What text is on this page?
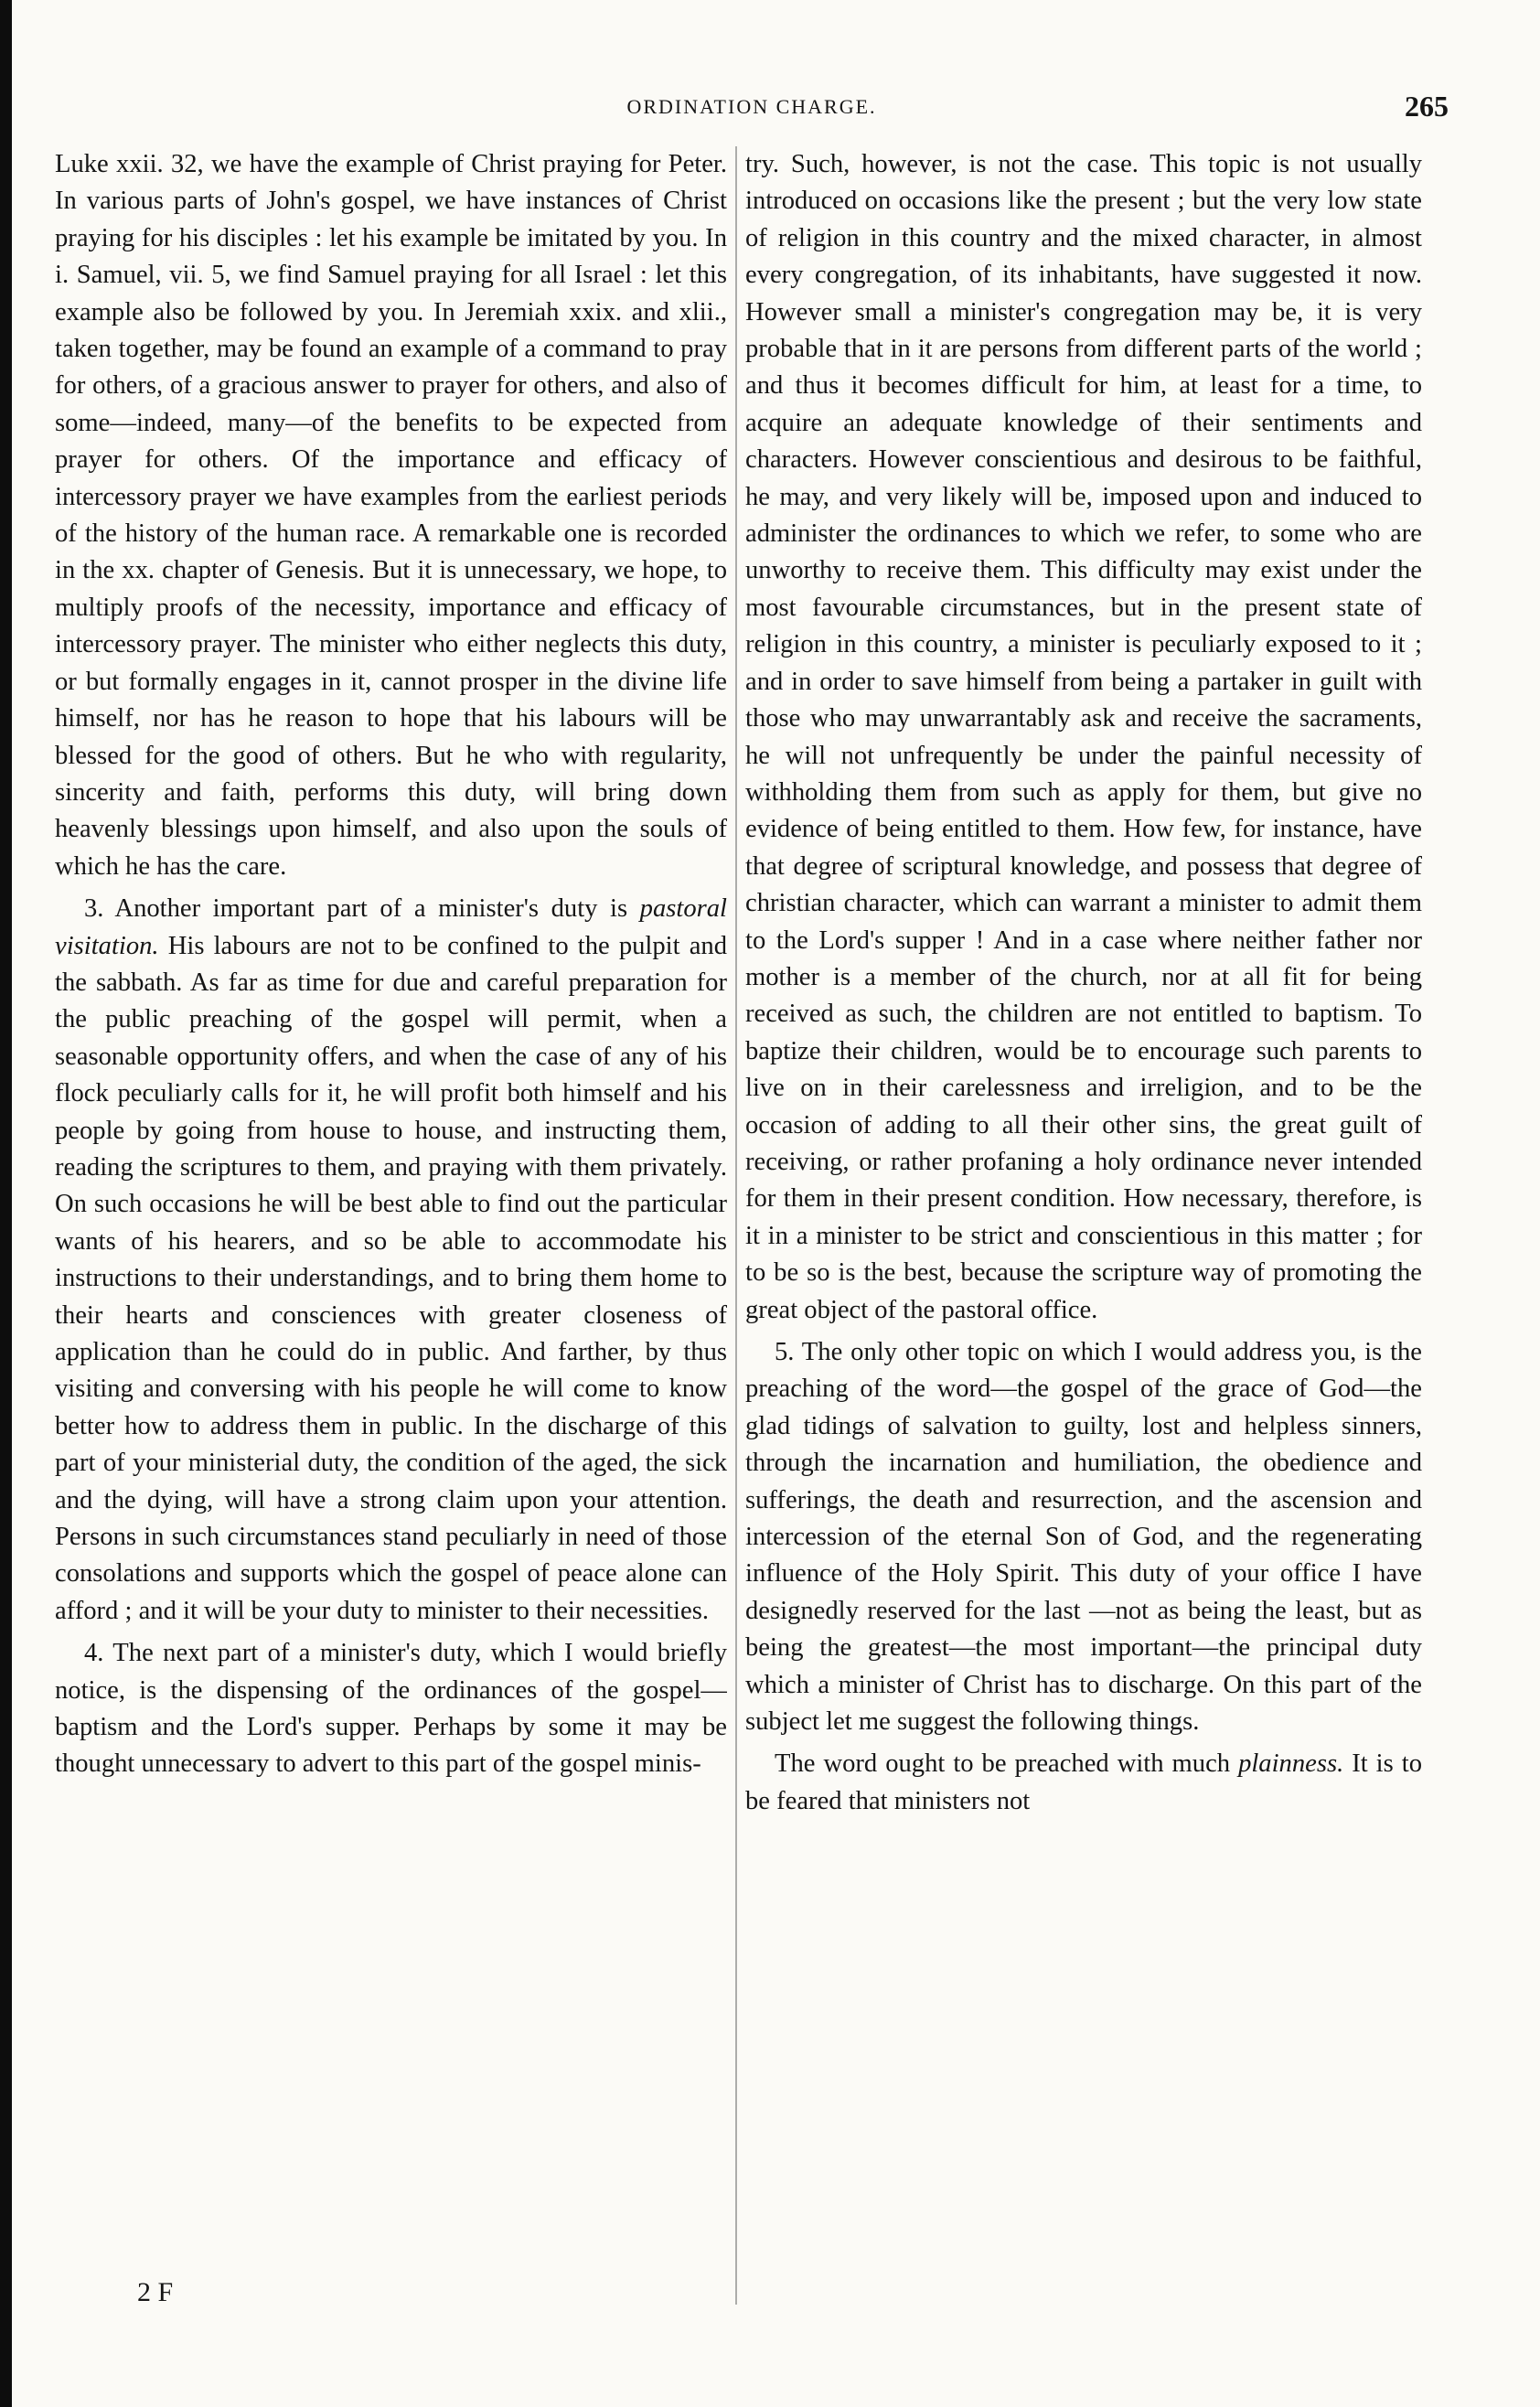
ORDINATION CHARGE.	265

Luke xxii. 32, we have the example of Christ praying for Peter. In various parts of John's gospel, we have instances of Christ praying for his disciples : let his example be imitated by you. In i. Samuel, vii. 5, we find Samuel praying for all Israel : let this example also be followed by you. In Jeremiah xxix. and xlii., taken together, may be found an example of a command to pray for others, of a gracious answer to prayer for others, and also of some—indeed, many—of the benefits to be expected from prayer for others. Of the importance and efficacy of intercessory prayer we have examples from the earliest periods of the history of the human race. A remarkable one is recorded in the xx. chapter of Genesis. But it is unnecessary, we hope, to multiply proofs of the necessity, importance and efficacy of intercessory prayer. The minister who either neglects this duty, or but formally engages in it, cannot prosper in the divine life himself, nor has he reason to hope that his labours will be blessed for the good of others. But he who with regularity, sincerity and faith, performs this duty, will bring down heavenly blessings upon himself, and also upon the souls of which he has the care.

3. Another important part of a minister's duty is pastoral visitation. His labours are not to be confined to the pulpit and the sabbath. As far as time for due and careful preparation for the public preaching of the gospel will permit, when a seasonable opportunity offers, and when the case of any of his flock peculiarly calls for it, he will profit both himself and his people by going from house to house, and instructing them, reading the scriptures to them, and praying with them privately. On such occasions he will be best able to find out the particular wants of his hearers, and so be able to accommodate his instructions to their understandings, and to bring them home to their hearts and consciences with greater closeness of application than he could do in public. And farther, by thus visiting and conversing with his people he will come to know better how to address them in public. In the discharge of this part of your ministerial duty, the condition of the aged, the sick and the dying, will have a strong claim upon your attention. Persons in such circumstances stand peculiarly in need of those consolations and supports which the gospel of peace alone can afford ; and it will be your duty to minister to their necessities.

4. The next part of a minister's duty, which I would briefly notice, is the dispensing of the ordinances of the gospel—baptism and the Lord's supper. Perhaps by some it may be thought unnecessary to advert to this part of the gospel minis-

try. Such, however, is not the case. This topic is not usually introduced on occasions like the present ; but the very low state of religion in this country and the mixed character, in almost every congregation, of its inhabitants, have suggested it now. However small a minister's congregation may be, it is very probable that in it are persons from different parts of the world ; and thus it becomes difficult for him, at least for a time, to acquire an adequate knowledge of their sentiments and characters. However conscientious and desirous to be faithful, he may, and very likely will be, imposed upon and induced to administer the ordinances to which we refer, to some who are unworthy to receive them. This difficulty may exist under the most favourable circumstances, but in the present state of religion in this country, a minister is peculiarly exposed to it ; and in order to save himself from being a partaker in guilt with those who may unwarrantably ask and receive the sacraments, he will not unfrequently be under the painful necessity of withholding them from such as apply for them, but give no evidence of being entitled to them. How few, for instance, have that degree of scriptural knowledge, and possess that degree of christian character, which can warrant a minister to admit them to the Lord's supper ! And in a case where neither father nor mother is a member of the church, nor at all fit for being received as such, the children are not entitled to baptism. To baptize their children, would be to encourage such parents to live on in their carelessness and irreligion, and to be the occasion of adding to all their other sins, the great guilt of receiving, or rather profaning a holy ordinance never intended for them in their present condition. How necessary, therefore, is it in a minister to be strict and conscientious in this matter ; for to be so is the best, because the scripture way of promoting the great object of the pastoral office.

5. The only other topic on which I would address you, is the preaching of the word—the gospel of the grace of God—the glad tidings of salvation to guilty, lost and helpless sinners, through the incarnation and humiliation, the obedience and sufferings, the death and resurrection, and the ascension and intercession of the eternal Son of God, and the regenerating influence of the Holy Spirit. This duty of your office I have designedly reserved for the last —not as being the least, but as being the greatest—the most important—the principal duty which a minister of Christ has to discharge. On this part of the subject let me suggest the following things.

The word ought to be preached with much plainness. It is to be feared that ministers not

2 F
